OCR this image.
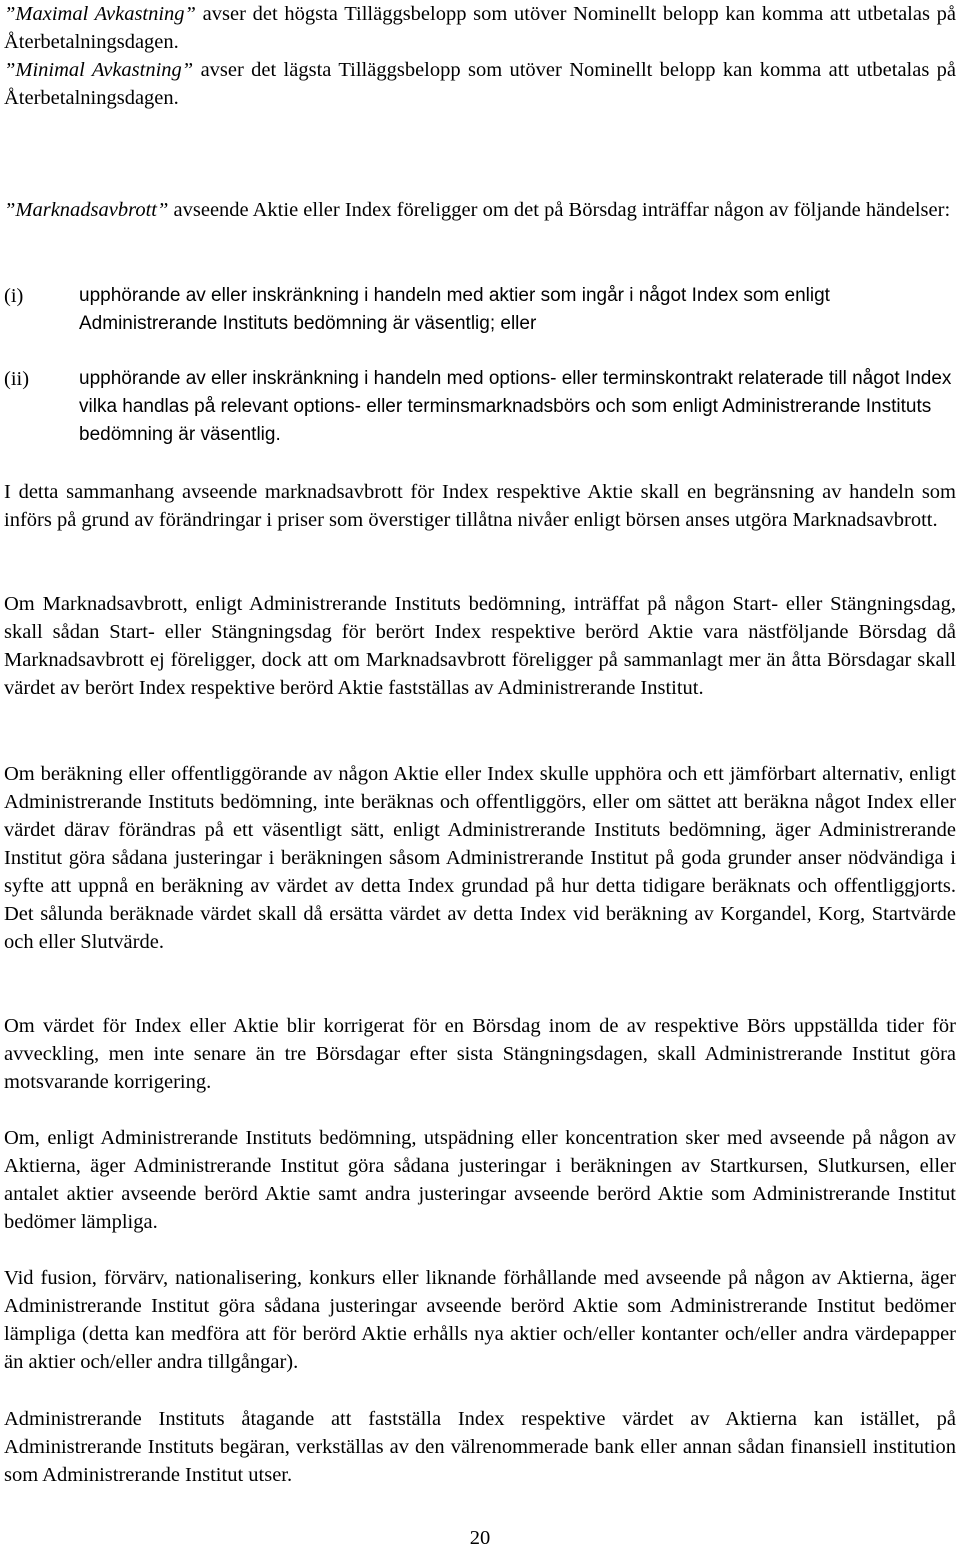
”Maximal Avkastning” avser det högsta Tilläggsbelopp som utöver Nominellt belopp kan komma att utbetalas på Återbetalningsdagen.

”Minimal Avkastning” avser det lägsta Tilläggsbelopp som utöver Nominellt belopp kan komma att utbetalas på Återbetalningsdagen.

”Marknadsavbrott” avseende Aktie eller Index föreligger om det på Börsdag inträffar någon av följande händelser:

(i)	upphörande av eller inskränkning i handeln med aktier som ingår i något Index som enligt Administrerande Instituts bedömning är väsentlig; eller
(ii)	upphörande av eller inskränkning i handeln med options- eller terminskontrakt relaterade till något Index vilka handlas på relevant options- eller terminsmarknadsbörs och som enligt Administrerande Instituts bedömning är väsentlig.

I detta sammanhang avseende marknadsavbrott för Index respektive Aktie skall en begränsning av handeln som införs på grund av förändringar i priser som överstiger tillåtna nivåer enligt börsen anses utgöra Marknadsavbrott.

Om Marknadsavbrott, enligt Administrerande Instituts bedömning, inträffat på någon Start- eller Stängningsdag, skall sådan Start- eller Stängningsdag för berört Index respektive berörd Aktie vara nästföljande Börsdag då Marknadsavbrott ej föreligger, dock att om Marknadsavbrott föreligger på sammanlagt mer än åtta Börsdagar skall värdet av berört Index respektive berörd Aktie fastställas av Administrerande Institut.

Om beräkning eller offentliggörande av någon Aktie eller Index skulle upphöra och ett jämförbart alternativ, enligt Administrerande Instituts bedömning, inte beräknas och offentliggörs, eller om sättet att beräkna något Index eller värdet därav förändras på ett väsentligt sätt, enligt Administrerande Instituts bedömning, äger Administrerande Institut göra sådana justeringar i beräkningen såsom Administrerande Institut på goda grunder anser nödvändiga i syfte att uppnå en beräkning av värdet av detta Index grundad på hur detta tidigare beräknats och offentliggjorts. Det sålunda beräknade värdet skall då ersätta värdet av detta Index vid beräkning av Korgandel, Korg, Startvärde och eller Slutvärde.

Om värdet för Index eller Aktie blir korrigerat för en Börsdag inom de av respektive Börs uppställda tider för avveckling, men inte senare än tre Börsdagar efter sista Stängningsdagen, skall Administrerande Institut göra motsvarande korrigering.

Om, enligt Administrerande Instituts bedömning, utspädning eller koncentration sker med avseende på någon av Aktierna, äger Administrerande Institut göra sådana justeringar i beräkningen av Startkursen, Slutkursen, eller antalet aktier avseende berörd Aktie samt andra justeringar avseende berörd Aktie som Administrerande Institut bedömer lämpliga.

Vid fusion, förvärv, nationalisering, konkurs eller liknande förhållande med avseende på någon av Aktierna, äger Administrerande Institut göra sådana justeringar avseende berörd Aktie som Administrerande Institut bedömer lämpliga (detta kan medföra att för berörd Aktie erhålls nya aktier och/eller kontanter och/eller andra värdepapper än aktier och/eller andra tillgångar).

Administrerande Instituts åtagande att fastställa Index respektive värdet av Aktierna kan istället, på Administrerande Instituts begäran, verkställas av den välrenommerade bank eller annan sådan finansiell institution som Administrerande Institut utser.

20
